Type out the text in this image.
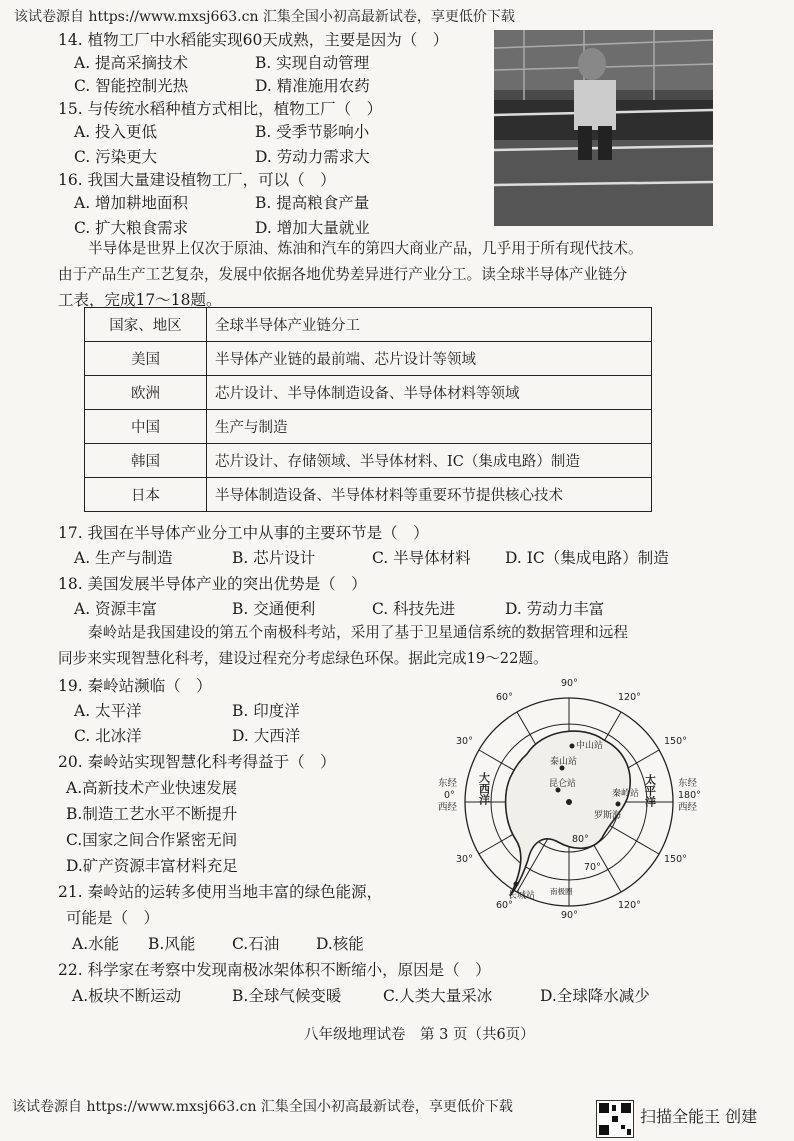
该试卷源自 https://www.mxsj663.cn 汇集全国小初高最新试卷，享更低价下载
14. 植物工厂中水稻能实现60天成熟，主要是因为（　）
A. 提高采摘技术	B. 实现自动管理
C. 智能控制光热	D. 精准施用农药
15. 与传统水稻种植方式相比，植物工厂（　）
A. 投入更低	B. 受季节影响小
C. 污染更大	D. 劳动力需求大
16. 我国大量建设植物工厂，可以（　）
A. 增加耕地面积	B. 提高粮食产量
C. 扩大粮食需求	D. 增加大量就业
半导体是世界上仅次于原油、炼油和汽车的第四大商业产品，几乎用于所有现代技术。
由于产品生产工艺复杂，发展中依据各地优势差异进行产业分工。读全球半导体产业链分
工表，完成17～18题。
国家、地区	全球半导体产业链分工
美国	半导体产业链的最前端、芯片设计等领域
欧洲	芯片设计、半导体制造设备、半导体材料等领域
中国	生产与制造
韩国	芯片设计、存储领域、半导体材料、IC（集成电路）制造
日本	半导体制造设备、半导体材料等重要环节提供核心技术
17. 我国在半导体产业分工中从事的主要环节是（　）
A. 生产与制造	B. 芯片设计	C. 半导体材料 D. IC（集成电路）制造
18. 美国发展半导体产业的突出优势是（　）
A. 资源丰富	B. 交通便利	C. 科技先进	D. 劳动力丰富
秦岭站是我国建设的第五个南极科考站，采用了基于卫星通信系统的数据管理和远程
同步来实现智慧化科考，建设过程充分考虑绿色环保。据此完成19～22题。
19. 秦岭站濒临（　）
A. 太平洋	B. 印度洋
C. 北冰洋	D. 大西洋
20. 秦岭站实现智慧化科考得益于（　）
A.高新技术产业快速发展
B.制造工艺水平不断提升
C.国家之间合作紧密无间
D.矿产资源丰富材料充足
21. 秦岭站的运转多使用当地丰富的绿色能源，
可能是（　）
A.水能 B.风能 C.石油 D.核能
22. 科学家在考察中发现南极冰架体积不断缩小，原因是（　）
A.板块不断运动	B.全球气候变暖	C.人类大量采冰	D.全球降水减少
90°
60°	120°
30°	150°
东经
0°
西经
东经
180°
西经
30°	150°
60°
90°
120°
80°
70°
中山站
泰山站
昆仑站
秦岭站
罗斯海
长城站 南极圈
大西洋	太平洋
八年级地理试卷　第 3 页（共6页）
该试卷源自 https://www.mxsj663.cn 汇集全国小初高最新试卷，享更低价下载	扫描全能王 创建
